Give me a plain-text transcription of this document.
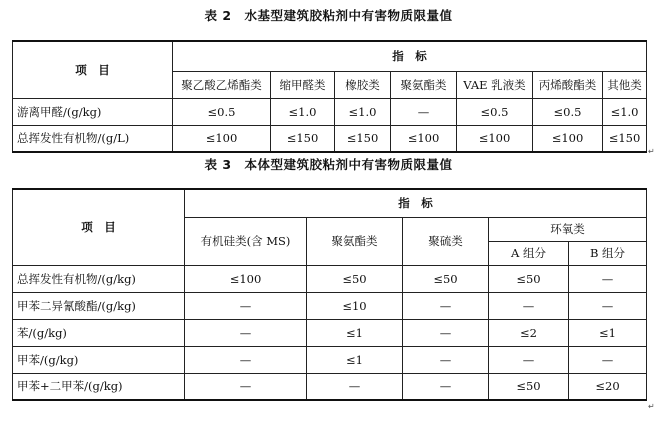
表 2　水基型建筑胶粘剂中有害物质限量值
项　目	指　标						
	聚乙酸乙烯酯类	缩甲醛类	橡胶类	聚氨酯类	VAE 乳液类	丙烯酸酯类	其他类
游离甲醛/(g/kg)	≤0.5	≤1.0	≤1.0	—	≤0.5	≤0.5	≤1.0
总挥发性有机物/(g/L)	≤100	≤150	≤150	≤100	≤100	≤100	≤150
表 3　本体型建筑胶粘剂中有害物质限量值
项　目	指　标				
	有机硅类(含 MS)	聚氨酯类	聚硫类	环氧类	
				A 组分	B 组分
总挥发性有机物/(g/kg)	≤100	≤50	≤50	≤50	—
甲苯二异氰酸酯/(g/kg)	—	≤10	—	—	—
苯/(g/kg)	—	≤1	—	≤2	≤1
甲苯/(g/kg)	—	≤1	—	—	—
甲苯+二甲苯/(g/kg)	—	—	—	≤50	≤20
↵
↵
